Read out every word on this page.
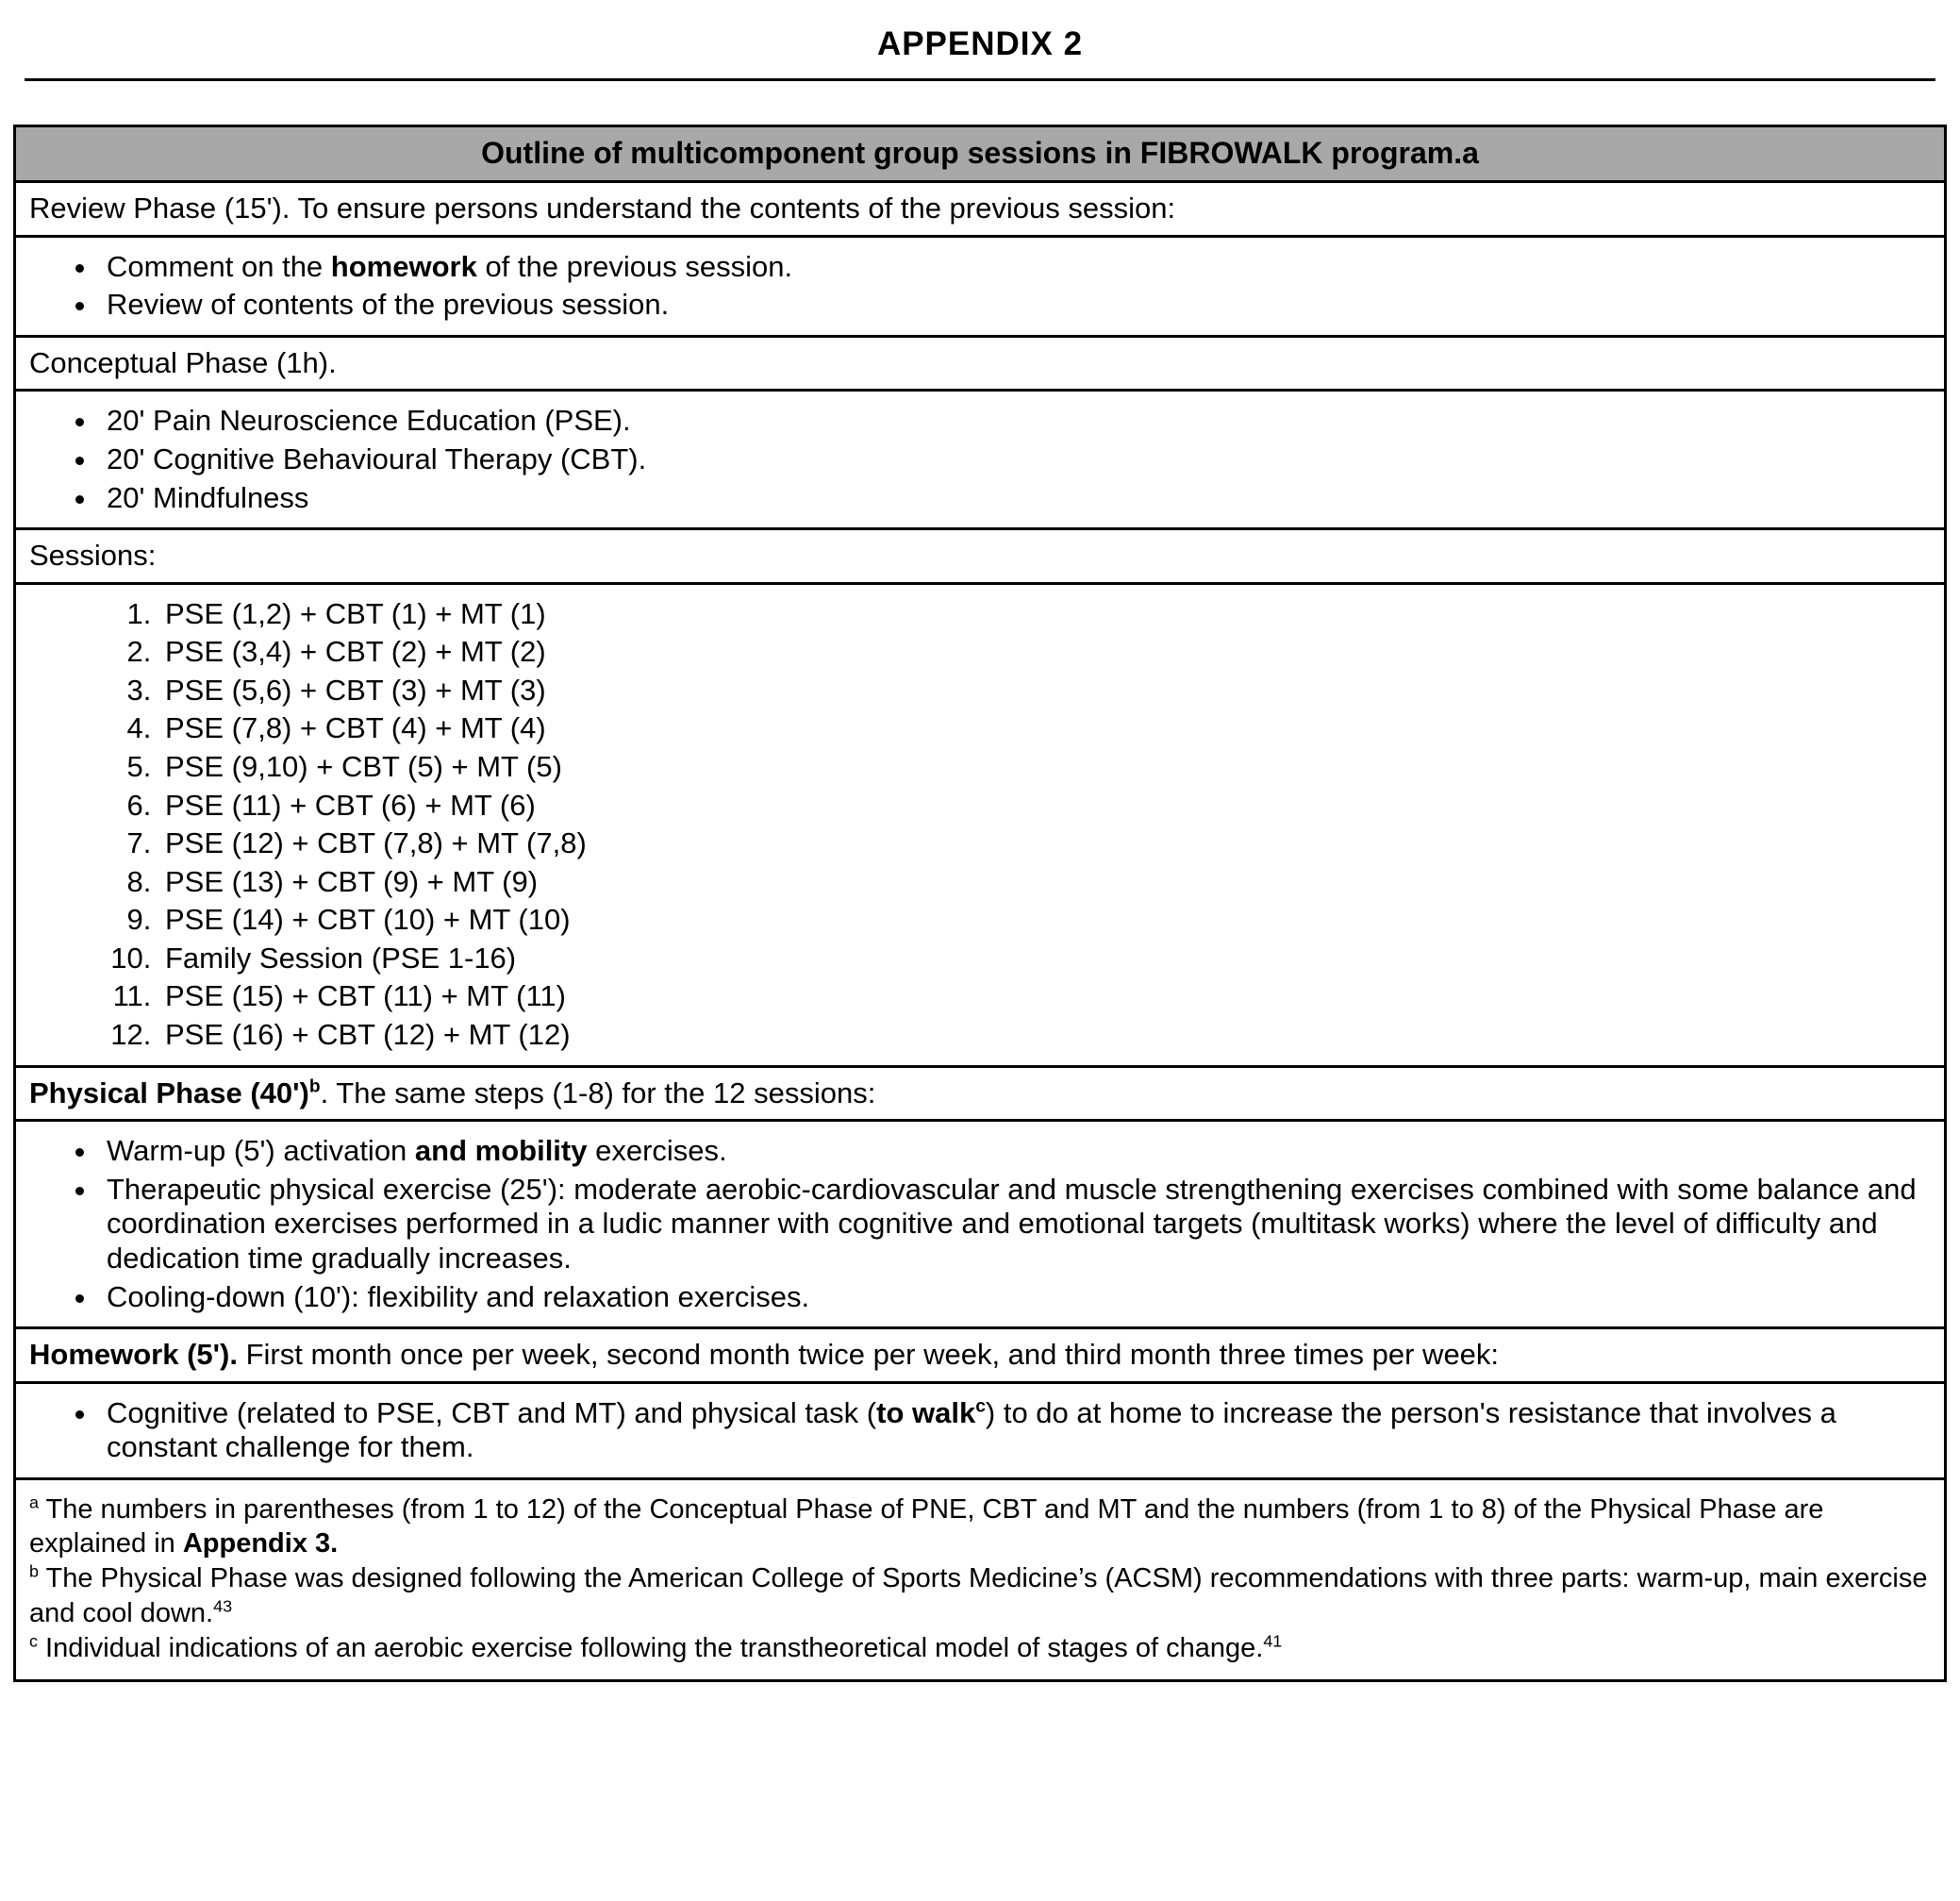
APPENDIX 2
Outline of multicomponent group sessions in FIBROWALK program.a
Review Phase (15'). To ensure persons understand the contents of the previous session:
• Comment on the homework of the previous session.
• Review of contents of the previous session.
Conceptual Phase (1h).
• 20' Pain Neuroscience Education (PSE).
• 20' Cognitive Behavioural Therapy (CBT).
• 20' Mindfulness
Sessions:
1. PSE (1,2) + CBT (1) + MT (1)
2. PSE (3,4) + CBT (2) + MT (2)
3. PSE (5,6) + CBT (3) + MT (3)
4. PSE (7,8) + CBT (4) + MT (4)
5. PSE (9,10) + CBT (5) + MT (5)
6. PSE (11) + CBT (6) + MT (6)
7. PSE (12) + CBT (7,8) + MT (7,8)
8. PSE (13) + CBT (9) + MT (9)
9. PSE (14) + CBT (10) + MT (10)
10. Family Session (PSE 1-16)
11. PSE (15) + CBT (11) + MT (11)
12. PSE (16) + CBT (12) + MT (12)
Physical Phase $(40')^b$. The same steps (1-8) for the 12 sessions:
• Warm-up (5') activation and mobility exercises.
• Therapeutic physical exercise (25'): moderate aerobic-cardiovascular and muscle strengthening exercises combined with some balance and coordination exercises performed in a ludic manner with cognitive and emotional targets (multitask works) where the level of difficulty and dedication time gradually increases.
• Cooling-down (10'): flexibility and relaxation exercises.
Homework (5'). First month once per week, second month twice per week, and third month three times per week:
• Cognitive (related to PSE, CBT and MT) and physical task (to walk$^c$) to do at home to increase the person's resistance that involves a constant challenge for them.
$^a$ The numbers in parentheses (from 1 to 12) of the Conceptual Phase of PNE, CBT and MT and the numbers (from 1 to 8) of the Physical Phase are explained in Appendix 3.
$^b$ The Physical Phase was designed following the American College of Sports Medicine’s (ACSM) recommendations with three parts: warm-up, main exercise and cool down.$^{43}$
$^c$ Individual indications of an aerobic exercise following the transtheoretical model of stages of change.$^{41}$
